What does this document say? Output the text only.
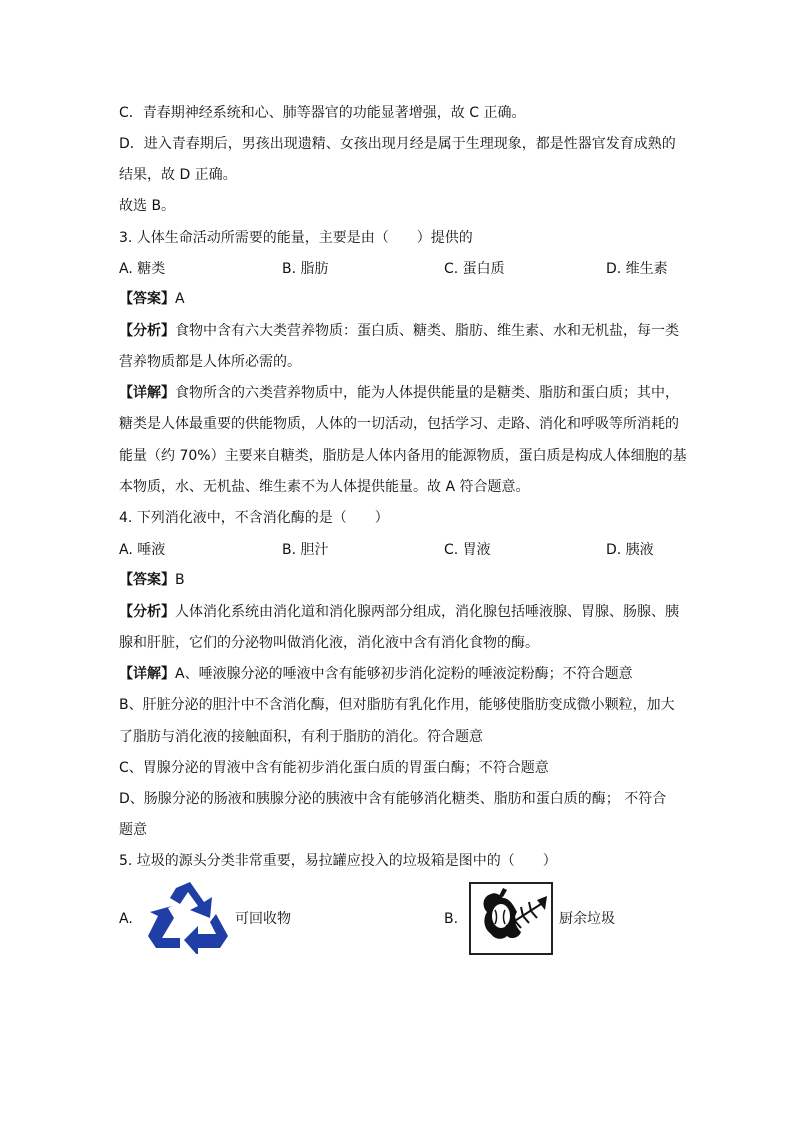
C．青春期神经系统和心、肺等器官的功能显著增强，故 C 正确。
D．进入青春期后，男孩出现遗精、女孩出现月经是属于生理现象，都是性器官发育成熟的
结果，故 D 正确。
故选 B。
3. 人体生命活动所需要的能量，主要是由（　　）提供的
A. 糖类	B. 脂肪	C. 蛋白质	D. 维生素
【答案】A
【分析】食物中含有六大类营养物质：蛋白质、糖类、脂肪、维生素、水和无机盐，每一类
营养物质都是人体所必需的。
【详解】食物所含的六类营养物质中，能为人体提供能量的是糖类、脂肪和蛋白质；其中，
糖类是人体最重要的供能物质，人体的一切活动，包括学习、走路、消化和呼吸等所消耗的
能量（约 70%）主要来自糖类，脂肪是人体内备用的能源物质，蛋白质是构成人体细胞的基
本物质，水、无机盐、维生素不为人体提供能量。故 A 符合题意。
4. 下列消化液中，不含消化酶的是（　　）
A. 唾液	B. 胆汁	C. 胃液	D. 胰液
【答案】B
【分析】人体消化系统由消化道和消化腺两部分组成，消化腺包括唾液腺、胃腺、肠腺、胰
腺和肝脏，它们的分泌物叫做消化液，消化液中含有消化食物的酶。
【详解】A、唾液腺分泌的唾液中含有能够初步消化淀粉的唾液淀粉酶；不符合题意
B、肝脏分泌的胆汁中不含消化酶，但对脂肪有乳化作用，能够使脂肪变成微小颗粒，加大
了脂肪与消化液的接触面积，有利于脂肪的消化。符合题意
C、胃腺分泌的胃液中含有能初步消化蛋白质的胃蛋白酶；不符合题意
D、肠腺分泌的肠液和胰腺分泌的胰液中含有能够消化糖类、脂肪和蛋白质的酶； 不符合
题意
5. 垃圾的源头分类非常重要，易拉罐应投入的垃圾箱是图中的（　　）
A.	可回收物	B.	厨余垃圾
